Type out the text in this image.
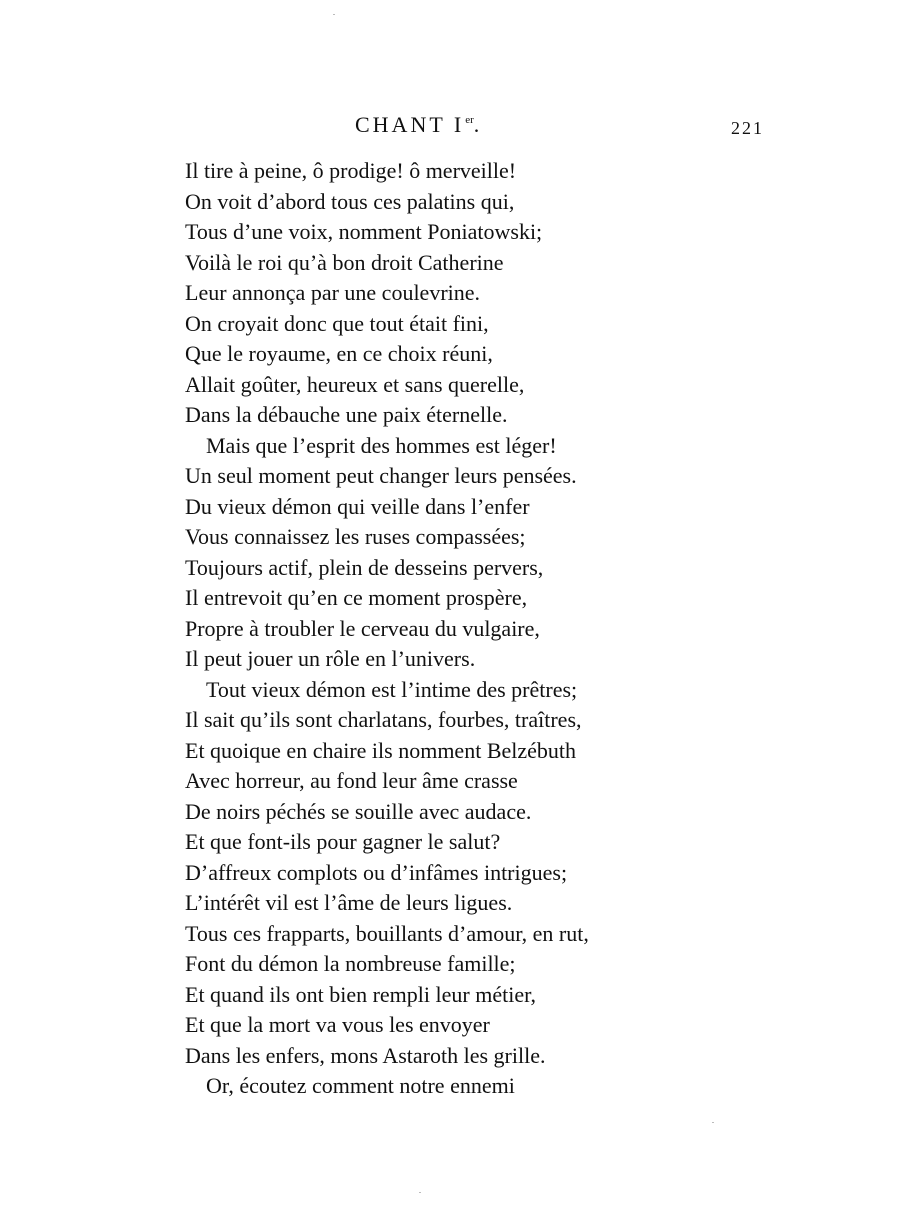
CHANT Ier.	221
Il tire à peine, ô prodige! ô merveille!
On voit d’abord tous ces palatins qui,
Tous d’une voix, nomment Poniatowski;
Voilà le roi qu’à bon droit Catherine
Leur annonça par une coulevrine.
On croyait donc que tout était fini,
Que le royaume, en ce choix réuni,
Allait goûter, heureux et sans querelle,
Dans la débauche une paix éternelle.
Mais que l’esprit des hommes est léger!
Un seul moment peut changer leurs pensées.
Du vieux démon qui veille dans l’enfer
Vous connaissez les ruses compassées;
Toujours actif, plein de desseins pervers,
Il entrevoit qu’en ce moment prospère,
Propre à troubler le cerveau du vulgaire,
Il peut jouer un rôle en l’univers.
Tout vieux démon est l’intime des prêtres;
Il sait qu’ils sont charlatans, fourbes, traîtres,
Et quoique en chaire ils nomment Belzébuth
Avec horreur, au fond leur âme crasse
De noirs péchés se souille avec audace.
Et que font-ils pour gagner le salut?
D’affreux complots ou d’infâmes intrigues;
L’intérêt vil est l’âme de leurs ligues.
Tous ces frapparts, bouillants d’amour, en rut,
Font du démon la nombreuse famille;
Et quand ils ont bien rempli leur métier,
Et que la mort va vous les envoyer
Dans les enfers, mons Astaroth les grille.
Or, écoutez comment notre ennemi
